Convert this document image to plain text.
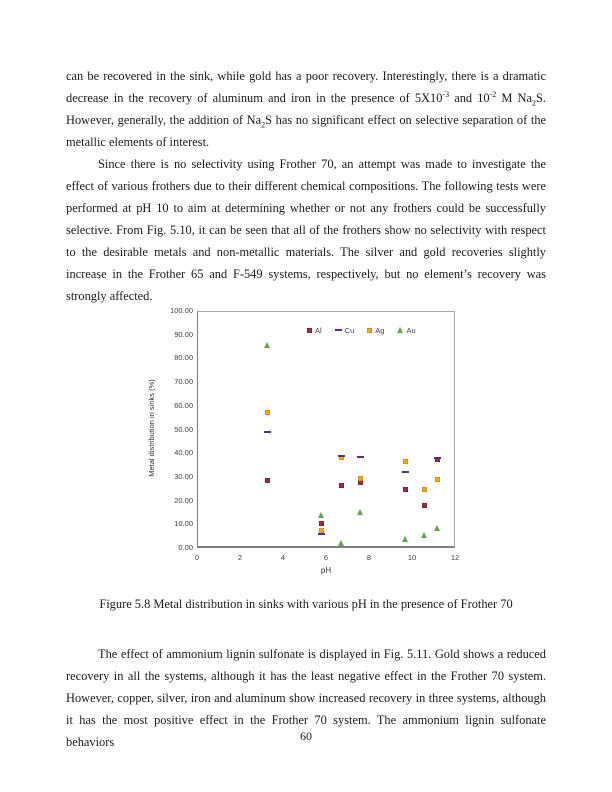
can be recovered in the sink, while gold has a poor recovery. Interestingly, there is a dramatic decrease in the recovery of aluminum and iron in the presence of $5X10^{-3}$ and $10^{-2}$ M $Na_2S$. However, generally, the addition of $Na_2S$ has no significant effect on selective separation of the metallic elements of interest.

Since there is no selectivity using Frother 70, an attempt was made to investigate the effect of various frothers due to their different chemical compositions. The following tests were performed at pH 10 to aim at determining whether or not any frothers could be successfully selective. From Fig. 5.10, it can be seen that all of the frothers show no selectivity with respect to the desirable metals and non-metallic materials. The silver and gold recoveries slightly increase in the Frother 65 and F-549 systems, respectively, but no element’s recovery was strongly affected.

Metal distribution in sinks (%)
0.00
10.00
20.00
30.00
40.00
50.00
60.00
70.00
80.00
90.00
100.00
0	2	4	6	8	10	12
Al	Cu	Ag	Au
pH
Figure 5.8 Metal distribution in sinks with various pH in the presence of Frother 70

The effect of ammonium lignin sulfonate is displayed in Fig. 5.11. Gold shows a reduced recovery in all the systems, although it has the least negative effect in the Frother 70 system. However, copper, silver, iron and aluminum show increased recovery in three systems, although it has the most positive effect in the Frother 70 system. The ammonium lignin sulfonate behaviors	60
